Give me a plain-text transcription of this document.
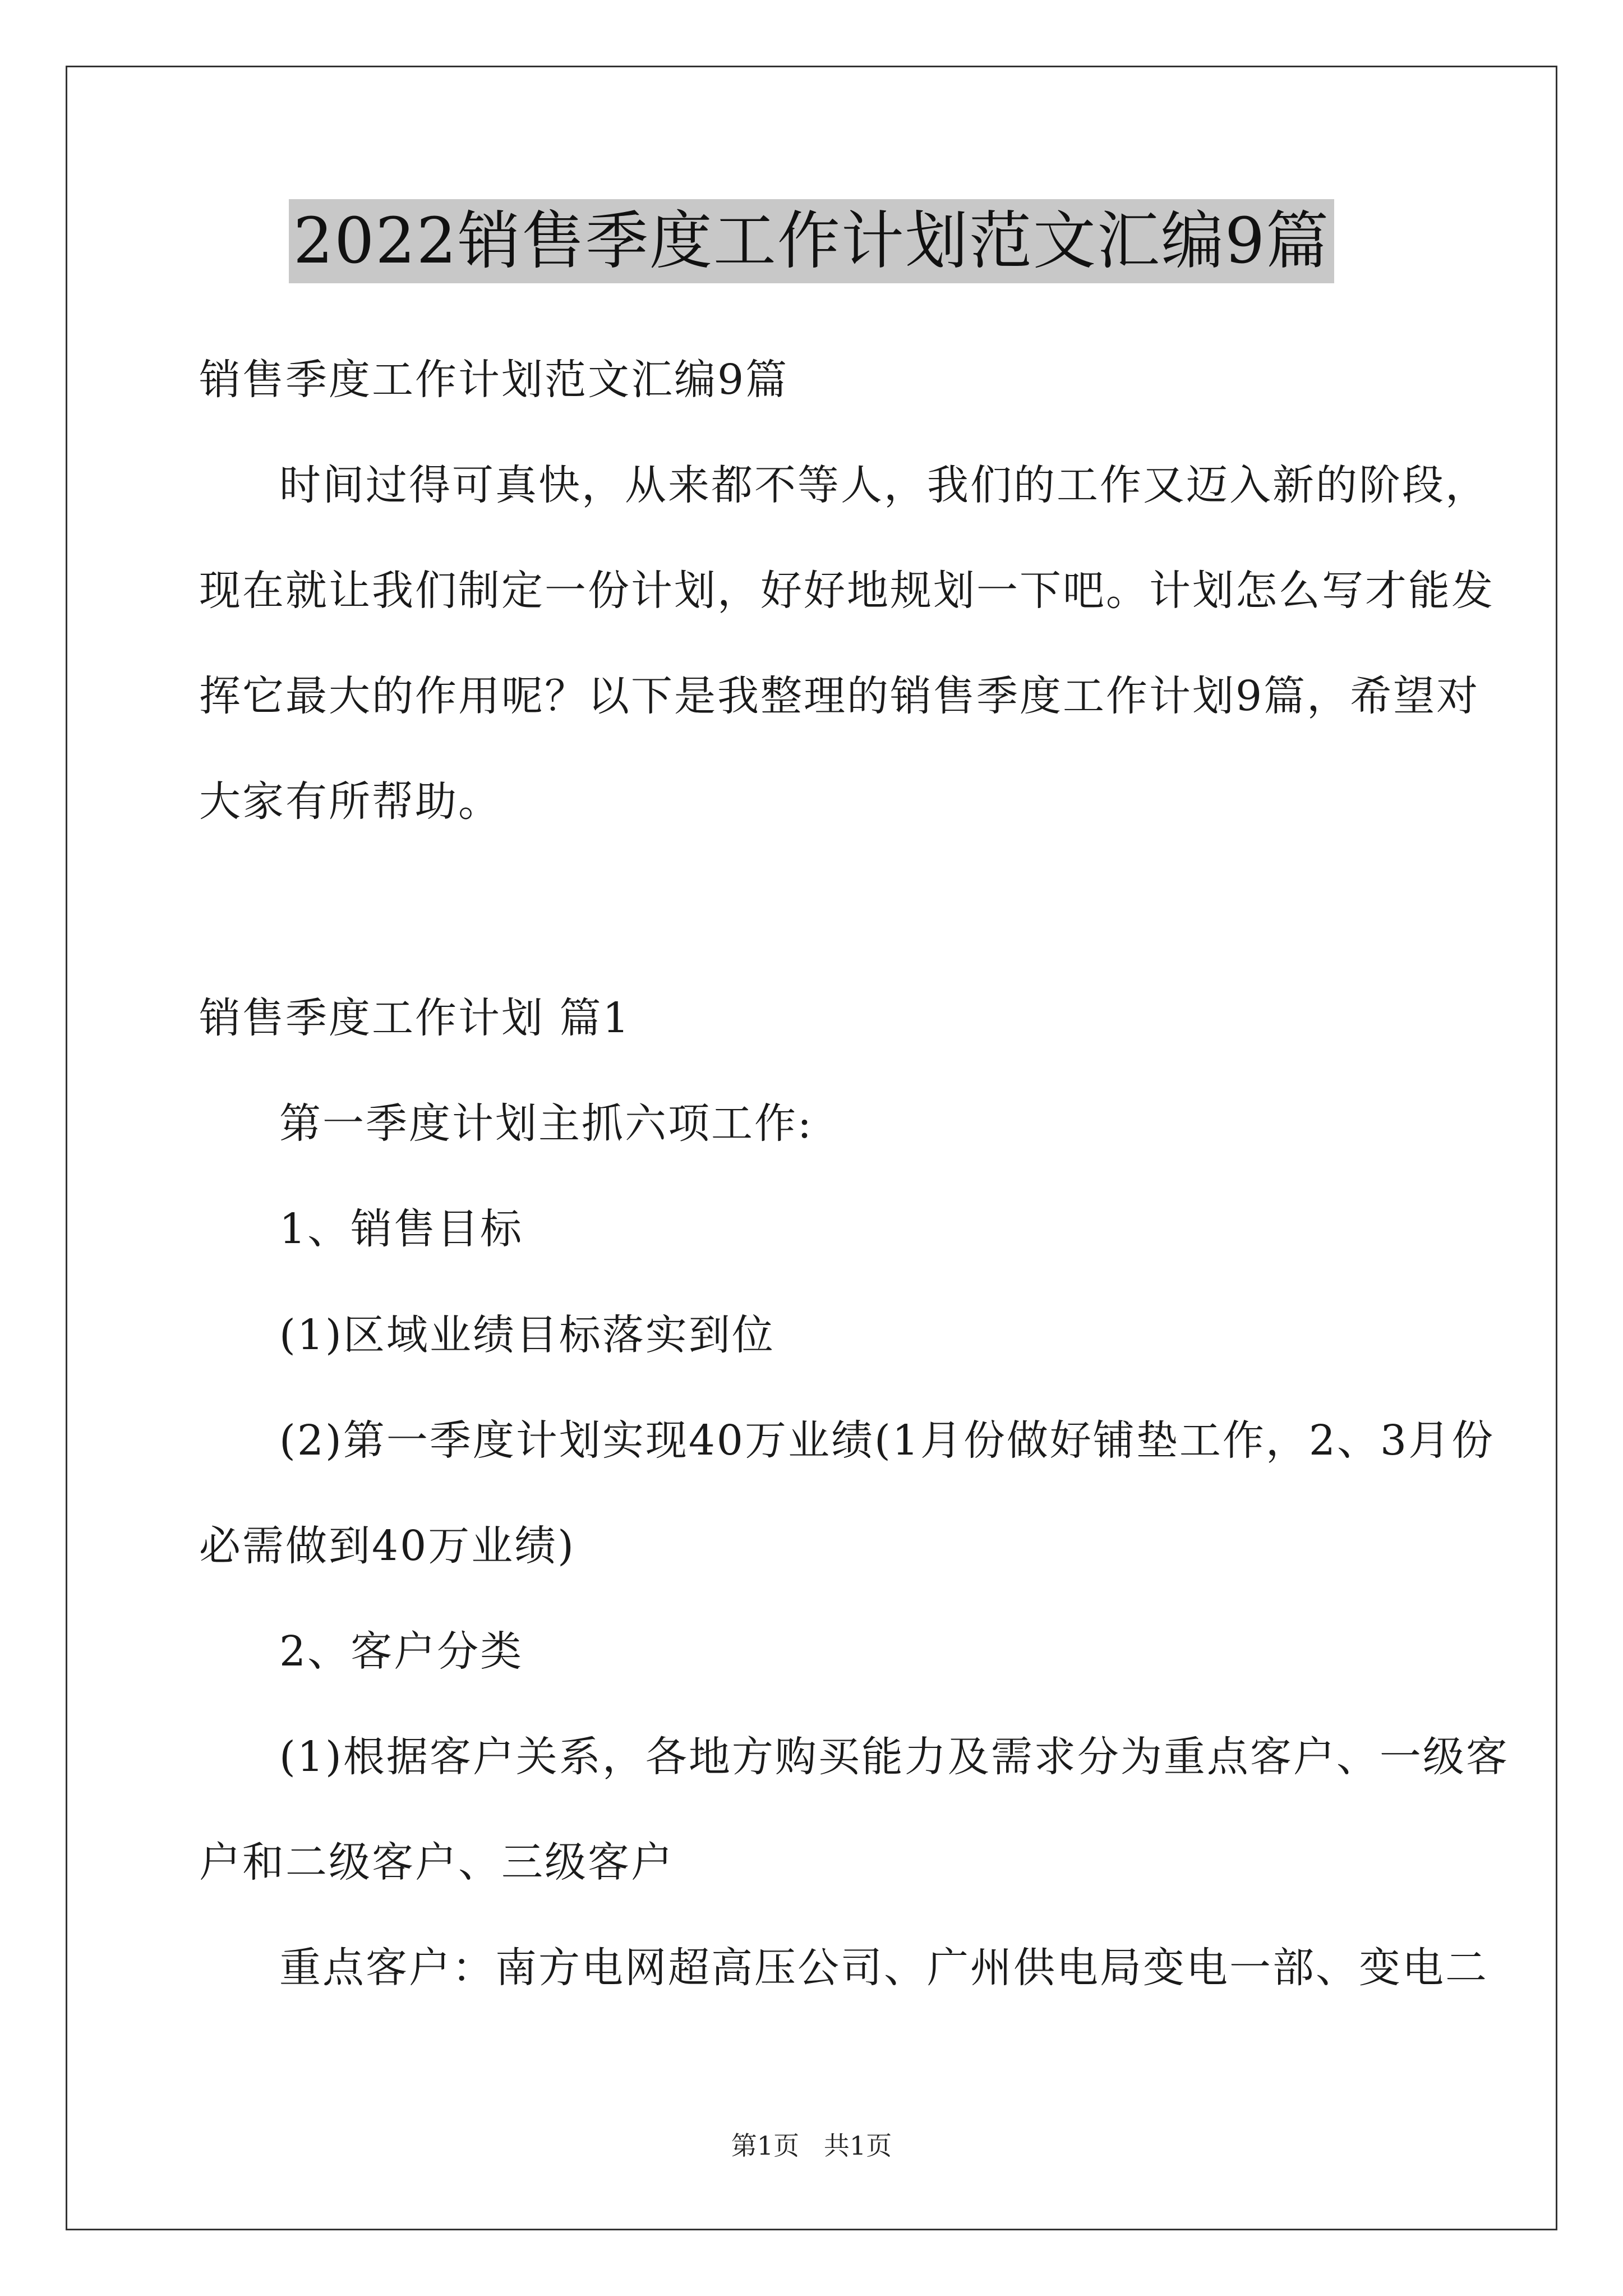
2022销售季度工作计划范文汇编9篇
销售季度工作计划范文汇编9篇
时间过得可真快，从来都不等人，我们的工作又迈入新的阶段，
现在就让我们制定一份计划，好好地规划一下吧。计划怎么写才能发
挥它最大的作用呢？以下是我整理的销售季度工作计划9篇，希望对
大家有所帮助。
销售季度工作计划 篇1
第一季度计划主抓六项工作:
1、销售目标
(1)区域业绩目标落实到位
(2)第一季度计划实现40万业绩(1月份做好铺垫工作，2、3月份
必需做到40万业绩)
2、客户分类
(1)根据客户关系，各地方购买能力及需求分为重点客户、一级客
户和二级客户、三级客户
重点客户：南方电网超高压公司、广州供电局变电一部、变电二
第1页   共1页
